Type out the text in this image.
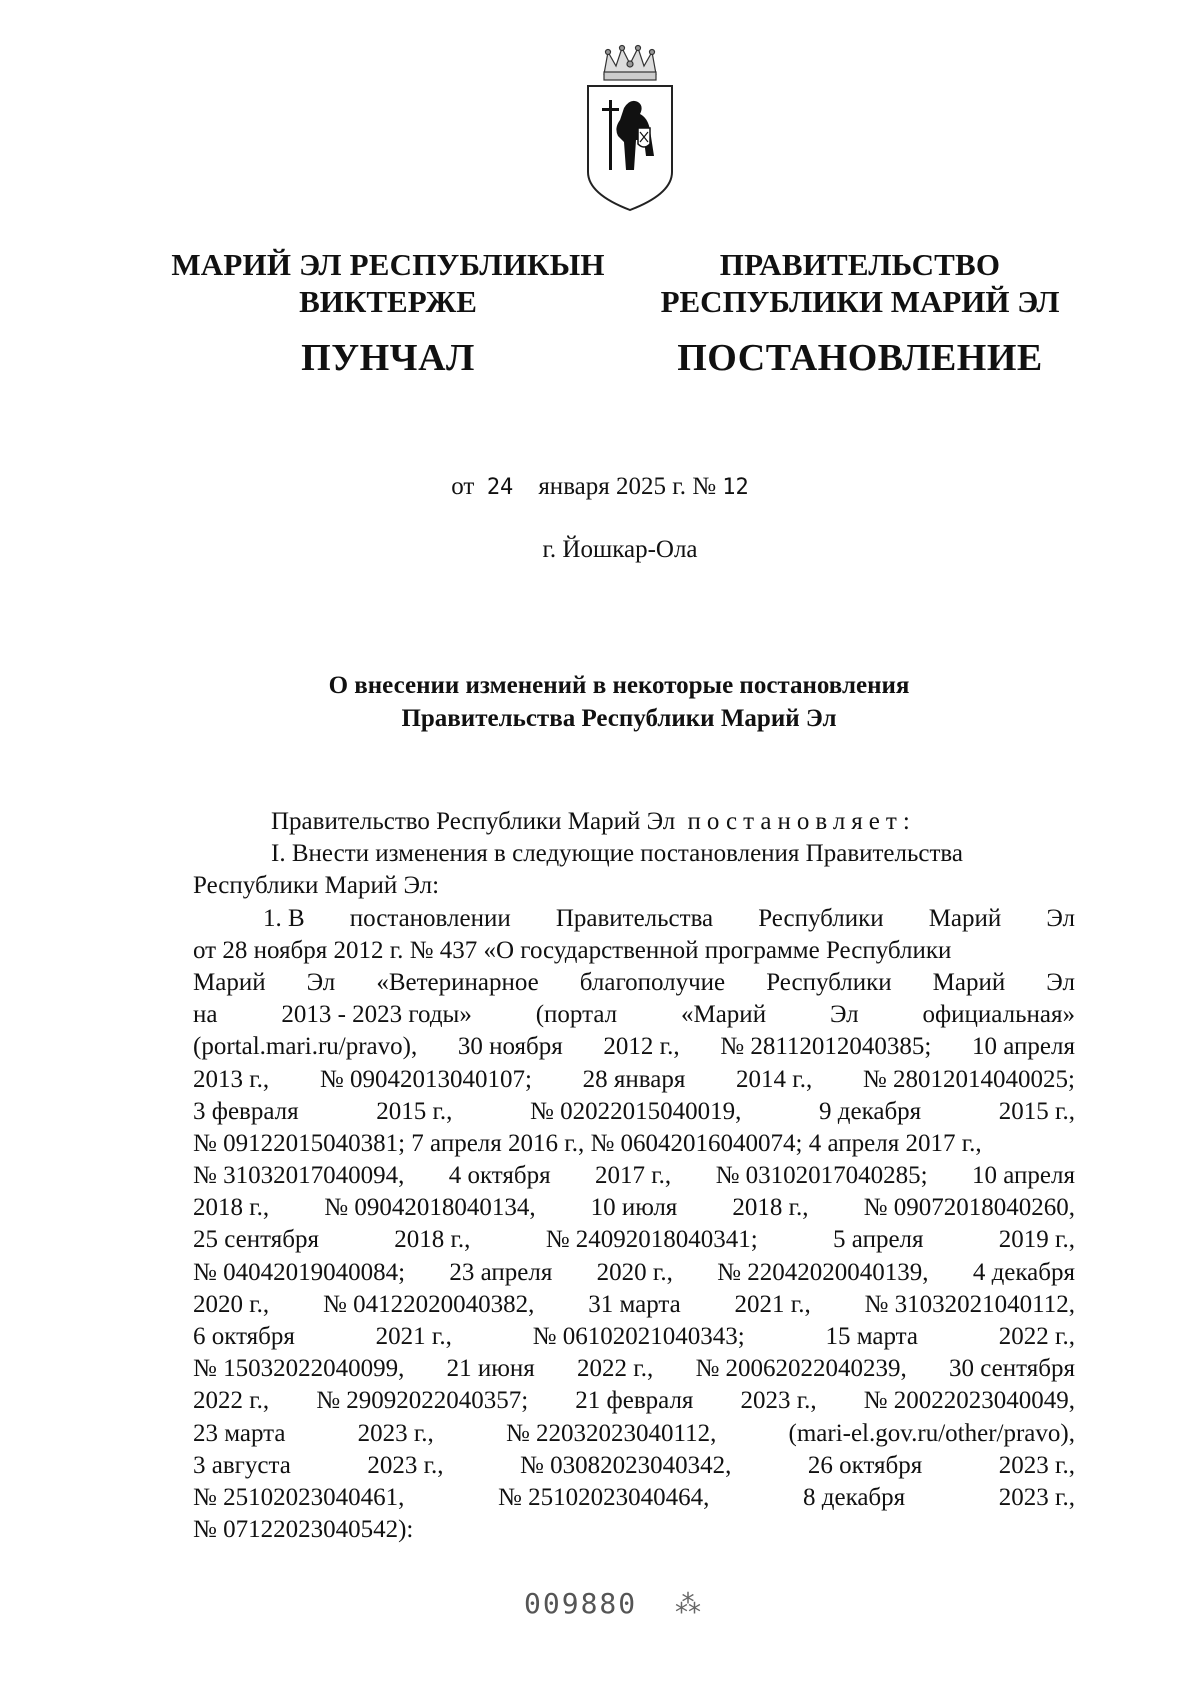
МАРИЙ ЭЛ РЕСПУБЛИКЫН
ВИКТЕРЖЕ
ПУНЧАЛ
ПРАВИТЕЛЬСТВО
РЕСПУБЛИКИ МАРИЙ ЭЛ
ПОСТАНОВЛЕНИЕ
от 24 января 2025 г. № 12
г. Йошкар-Ола
О внесении изменений в некоторые постановления
Правительства Республики Марий Эл
Правительство Республики Марий Эл постановляет:
I. Внести изменения в следующие постановления Правительства
Республики Марий Эл:
1. В постановлении Правительства Республики Марий Эл
от 28 ноября 2012 г. № 437 «О государственной программе Республики
Марий Эл «Ветеринарное благополучие Республики Марий Эл
на	2013 - 2023 годы»	(портал	«Марий	Эл	официальная»
(portal.mari.ru/pravo), 30 ноября 2012 г., № 28112012040385; 10 апреля
2013 г., № 09042013040107; 28 января 2014 г., № 28012014040025;
3 февраля	2015 г.,	№ 02022015040019,	9 декабря	2015 г.,
№ 09122015040381; 7 апреля 2016 г., № 06042016040074; 4 апреля 2017 г.,
№ 31032017040094, 4 октября 2017 г., № 03102017040285; 10 апреля
2018 г., № 09042018040134, 10 июля 2018 г., № 09072018040260,
25 сентября	2018 г.,	№ 24092018040341;	5 апреля	2019 г.,
№ 04042019040084; 23 апреля 2020 г., № 22042020040139, 4 декабря
2020 г., № 04122020040382, 31 марта 2021 г., № 31032021040112,
6 октября	2021 г.,	№ 06102021040343;	15 марта	2022 г.,
№ 15032022040099, 21 июня 2022 г., № 20062022040239, 30 сентября
2022 г., № 29092022040357; 21 февраля 2023 г., № 20022023040049,
23 марта	2023 г.,	№ 22032023040112,	(mari-el.gov.ru/other/pravo),
3 августа	2023 г.,	№ 03082023040342,	26 октября	2023 г.,
№ 25102023040461,	№ 25102023040464,	8 декабря	2023 г.,
№ 07122023040542):
009880 ⁂
